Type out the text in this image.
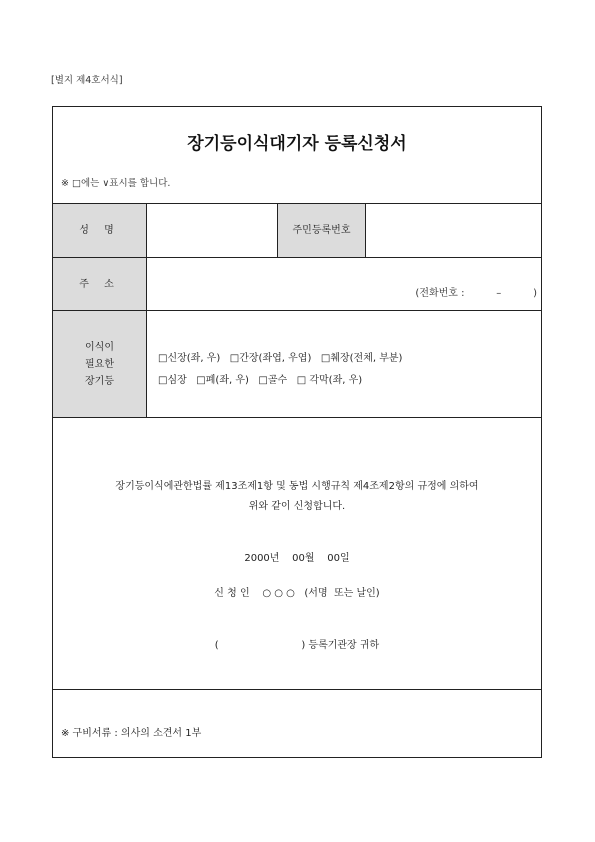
[별지 제4호서식]
장기등이식대기자 등록신청서
※ □에는 ∨표시를 합니다.
성 명	주민등록번호
주 소
(전화번호 :          –          )
이식이
필요한
장기등
□신장(좌, 우)   □간장(좌엽, 우엽)   □췌장(전체, 부분)
□심장   □폐(좌, 우)   □골수   □ 각막(좌, 우)
장기등이식에관한법률 제13조제1항 및 동법 시행규칙 제4조제2항의 규정에 의하여
위와 같이 신청합니다.
2000년    00월    00일
신 청 인    ○ ○ ○   (서명  또는 날인)
(                          ) 등록기관장 귀하
※ 구비서류 : 의사의 소견서 1부
